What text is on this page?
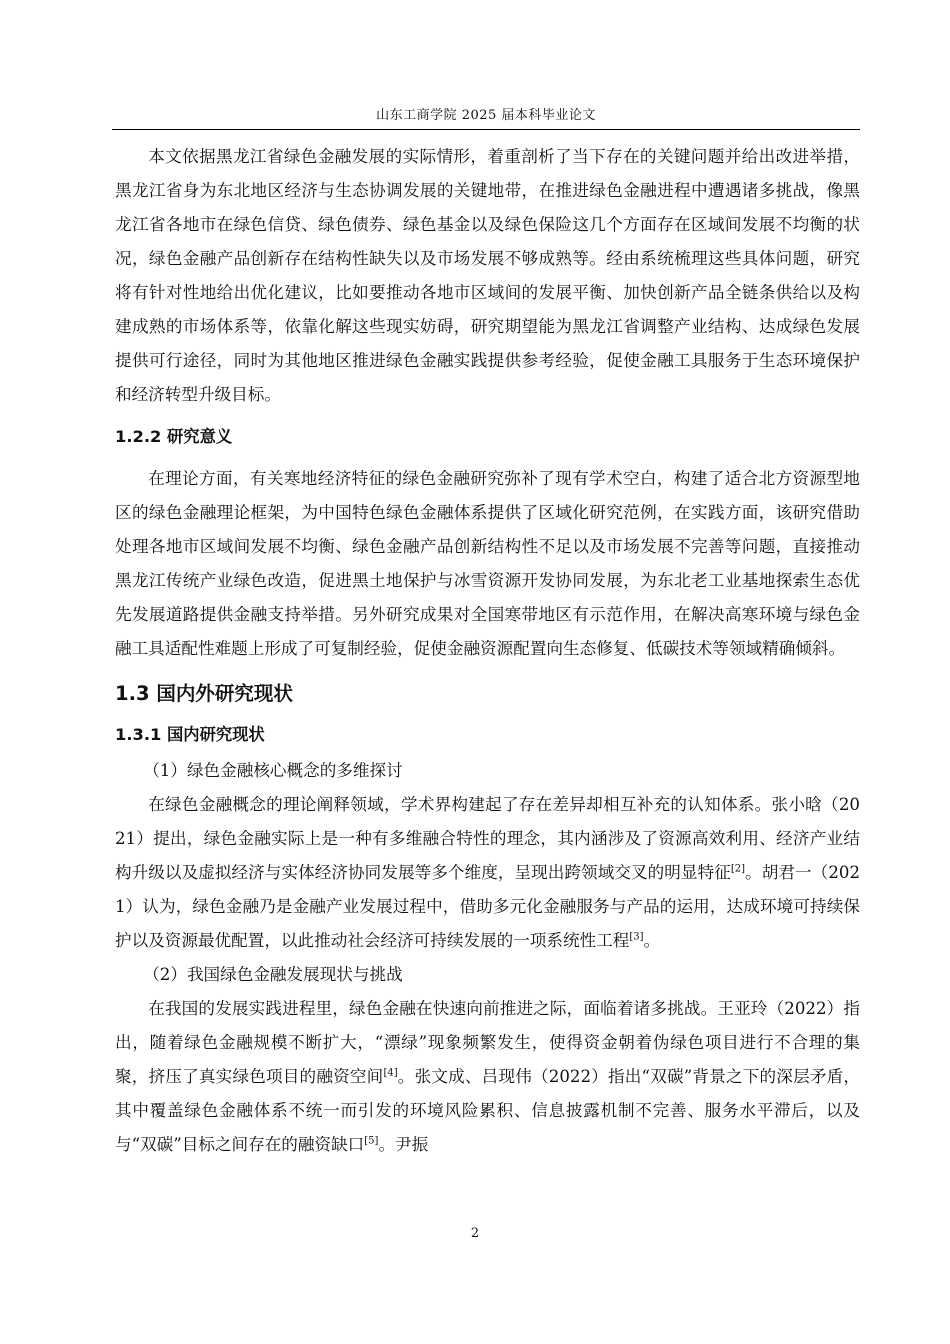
山东工商学院 2025 届本科毕业论文

本文依据黑龙江省绿色金融发展的实际情形，着重剖析了当下存在的关键问题并给出改进举措，黑龙江省身为东北地区经济与生态协调发展的关键地带，在推进绿色金融进程中遭遇诸多挑战，像黑龙江省各地市在绿色信贷、绿色债券、绿色基金以及绿色保险这几个方面存在区域间发展不均衡的状况，绿色金融产品创新存在结构性缺失以及市场发展不够成熟等。经由系统梳理这些具体问题，研究将有针对性地给出优化建议，比如要推动各地市区域间的发展平衡、加快创新产品全链条供给以及构建成熟的市场体系等，依靠化解这些现实妨碍，研究期望能为黑龙江省调整产业结构、达成绿色发展提供可行途径，同时为其他地区推进绿色金融实践提供参考经验，促使金融工具服务于生态环境保护和经济转型升级目标。

1.2.2 研究意义

在理论方面，有关寒地经济特征的绿色金融研究弥补了现有学术空白，构建了适合北方资源型地区的绿色金融理论框架，为中国特色绿色金融体系提供了区域化研究范例，在实践方面，该研究借助处理各地市区域间发展不均衡、绿色金融产品创新结构性不足以及市场发展不完善等问题，直接推动黑龙江传统产业绿色改造，促进黑土地保护与冰雪资源开发协同发展，为东北老工业基地探索生态优先发展道路提供金融支持举措。另外研究成果对全国寒带地区有示范作用，在解决高寒环境与绿色金融工具适配性难题上形成了可复制经验，促使金融资源配置向生态修复、低碳技术等领域精确倾斜。

1.3 国内外研究现状

1.3.1 国内研究现状

（1）绿色金融核心概念的多维探讨

在绿色金融概念的理论阐释领域，学术界构建起了存在差异却相互补充的认知体系。张小晗（2021）提出，绿色金融实际上是一种有多维融合特性的理念，其内涵涉及了资源高效利用、经济产业结构升级以及虚拟经济与实体经济协同发展等多个维度，呈现出跨领域交叉的明显特征[2]。胡君一（2021）认为，绿色金融乃是金融产业发展过程中，借助多元化金融服务与产品的运用，达成环境可持续保护以及资源最优配置，以此推动社会经济可持续发展的一项系统性工程[3]。

（2）我国绿色金融发展现状与挑战

在我国的发展实践进程里，绿色金融在快速向前推进之际，面临着诸多挑战。王亚玲（2022）指出，随着绿色金融规模不断扩大，“漂绿”现象频繁发生，使得资金朝着伪绿色项目进行不合理的集聚，挤压了真实绿色项目的融资空间[4]。张文成、吕现伟（2022）指出“双碳”背景之下的深层矛盾，其中覆盖绿色金融体系不统一而引发的环境风险累积、信息披露机制不完善、服务水平滞后，以及与“双碳”目标之间存在的融资缺口[5]。尹振

2
